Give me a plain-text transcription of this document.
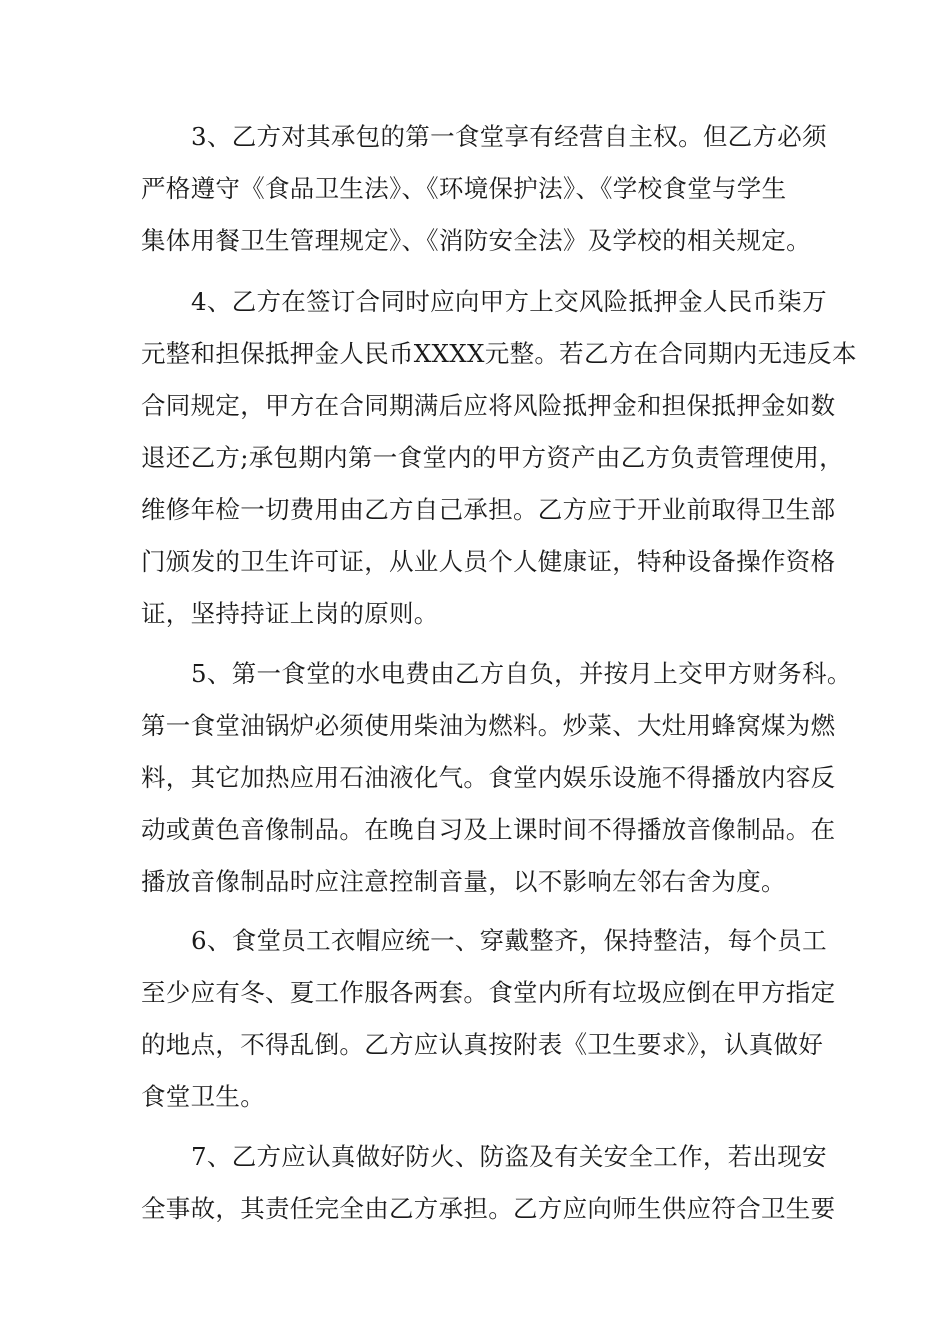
3、乙方对其承包的第一食堂享有经营自主权。但乙方必须
严格遵守《食品卫生法》、《环境保护法》、《学校食堂与学生
集体用餐卫生管理规定》、《消防安全法》及学校的相关规定。
4、乙方在签订合同时应向甲方上交风险抵押金人民币柒万
元整和担保抵押金人民币XXXX元整。若乙方在合同期内无违反本
合同规定，甲方在合同期满后应将风险抵押金和担保抵押金如数
退还乙方;承包期内第一食堂内的甲方资产由乙方负责管理使用，
维修年检一切费用由乙方自己承担。乙方应于开业前取得卫生部
门颁发的卫生许可证，从业人员个人健康证，特种设备操作资格
证，坚持持证上岗的原则。
5、第一食堂的水电费由乙方自负，并按月上交甲方财务科。
第一食堂油锅炉必须使用柴油为燃料。炒菜、大灶用蜂窝煤为燃
料，其它加热应用石油液化气。食堂内娱乐设施不得播放内容反
动或黄色音像制品。在晚自习及上课时间不得播放音像制品。在
播放音像制品时应注意控制音量，以不影响左邻右舍为度。
6、食堂员工衣帽应统一、穿戴整齐，保持整洁，每个员工
至少应有冬、夏工作服各两套。食堂内所有垃圾应倒在甲方指定
的地点，不得乱倒。乙方应认真按附表《卫生要求》，认真做好
食堂卫生。
7、乙方应认真做好防火、防盗及有关安全工作，若出现安
全事故，其责任完全由乙方承担。乙方应向师生供应符合卫生要
